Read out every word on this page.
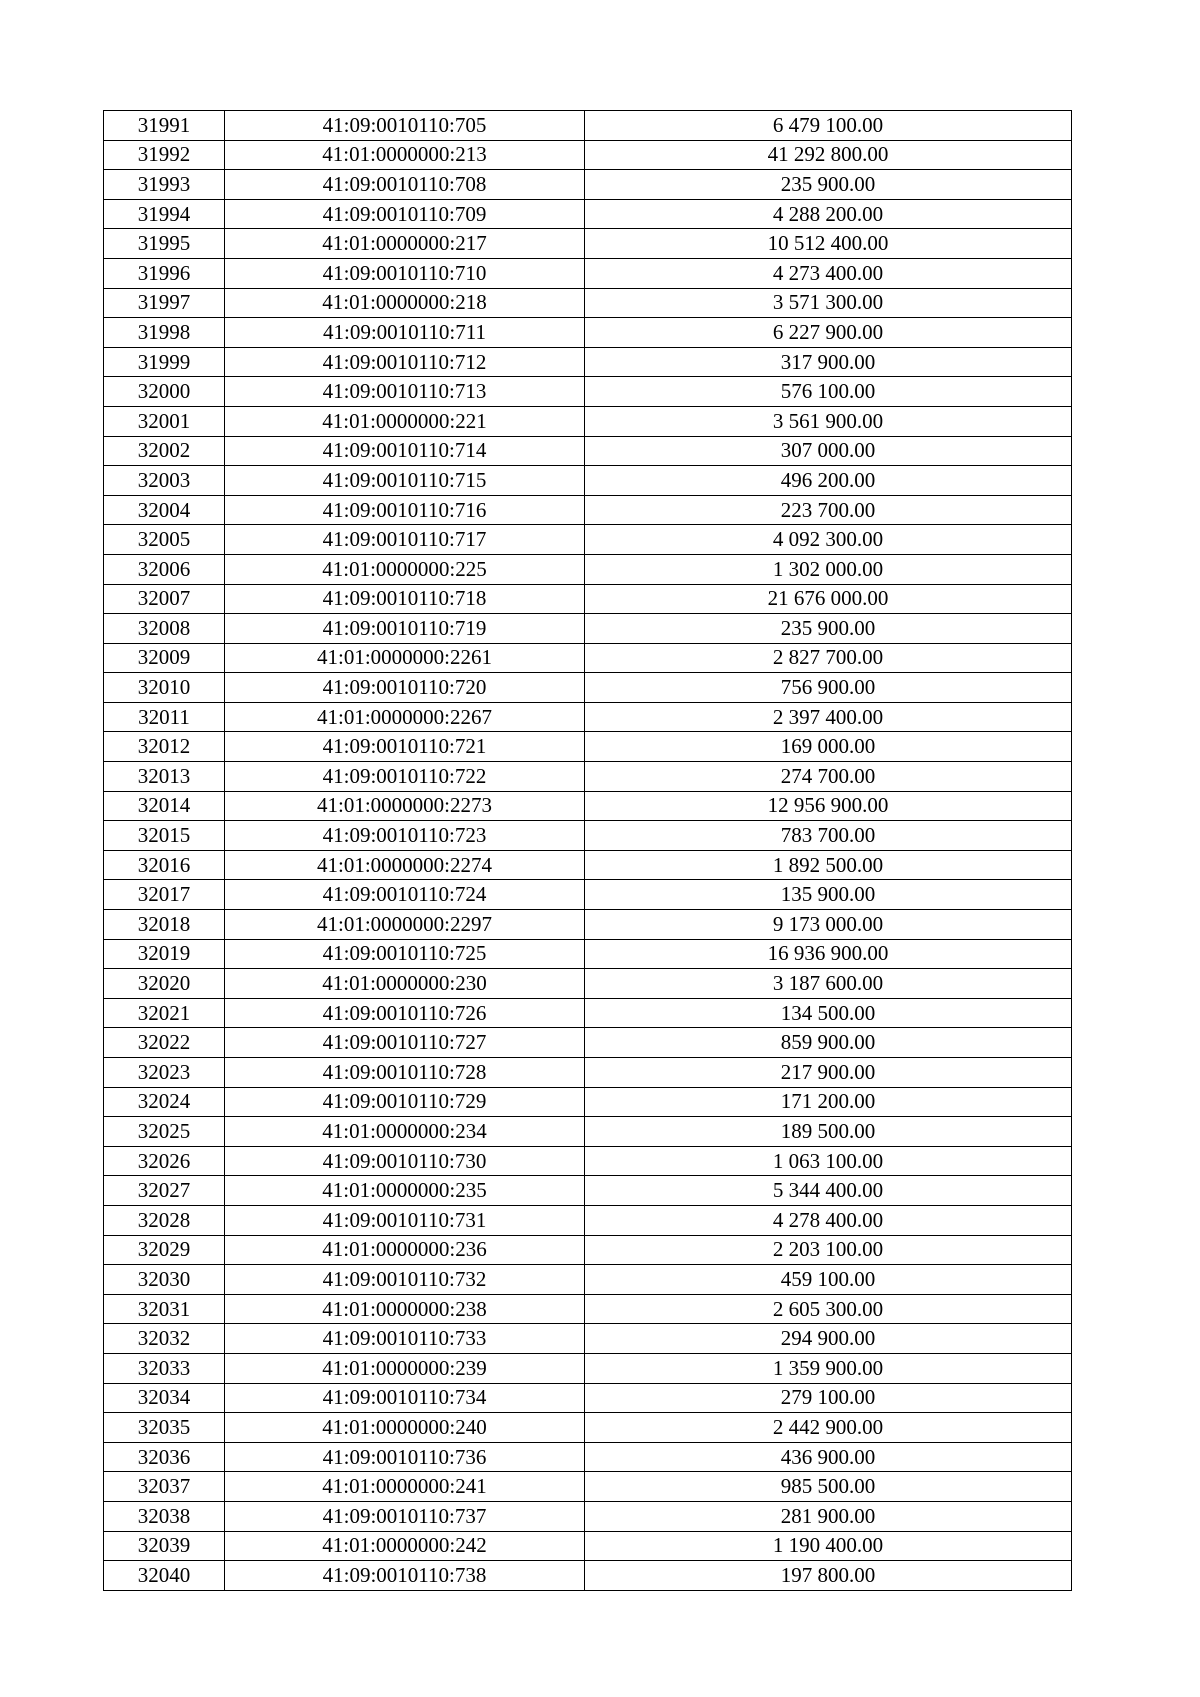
31991	41:09:0010110:705	6 479 100.00
31992	41:01:0000000:213	41 292 800.00
31993	41:09:0010110:708	235 900.00
31994	41:09:0010110:709	4 288 200.00
31995	41:01:0000000:217	10 512 400.00
31996	41:09:0010110:710	4 273 400.00
31997	41:01:0000000:218	3 571 300.00
31998	41:09:0010110:711	6 227 900.00
31999	41:09:0010110:712	317 900.00
32000	41:09:0010110:713	576 100.00
32001	41:01:0000000:221	3 561 900.00
32002	41:09:0010110:714	307 000.00
32003	41:09:0010110:715	496 200.00
32004	41:09:0010110:716	223 700.00
32005	41:09:0010110:717	4 092 300.00
32006	41:01:0000000:225	1 302 000.00
32007	41:09:0010110:718	21 676 000.00
32008	41:09:0010110:719	235 900.00
32009	41:01:0000000:2261	2 827 700.00
32010	41:09:0010110:720	756 900.00
32011	41:01:0000000:2267	2 397 400.00
32012	41:09:0010110:721	169 000.00
32013	41:09:0010110:722	274 700.00
32014	41:01:0000000:2273	12 956 900.00
32015	41:09:0010110:723	783 700.00
32016	41:01:0000000:2274	1 892 500.00
32017	41:09:0010110:724	135 900.00
32018	41:01:0000000:2297	9 173 000.00
32019	41:09:0010110:725	16 936 900.00
32020	41:01:0000000:230	3 187 600.00
32021	41:09:0010110:726	134 500.00
32022	41:09:0010110:727	859 900.00
32023	41:09:0010110:728	217 900.00
32024	41:09:0010110:729	171 200.00
32025	41:01:0000000:234	189 500.00
32026	41:09:0010110:730	1 063 100.00
32027	41:01:0000000:235	5 344 400.00
32028	41:09:0010110:731	4 278 400.00
32029	41:01:0000000:236	2 203 100.00
32030	41:09:0010110:732	459 100.00
32031	41:01:0000000:238	2 605 300.00
32032	41:09:0010110:733	294 900.00
32033	41:01:0000000:239	1 359 900.00
32034	41:09:0010110:734	279 100.00
32035	41:01:0000000:240	2 442 900.00
32036	41:09:0010110:736	436 900.00
32037	41:01:0000000:241	985 500.00
32038	41:09:0010110:737	281 900.00
32039	41:01:0000000:242	1 190 400.00
32040	41:09:0010110:738	197 800.00
